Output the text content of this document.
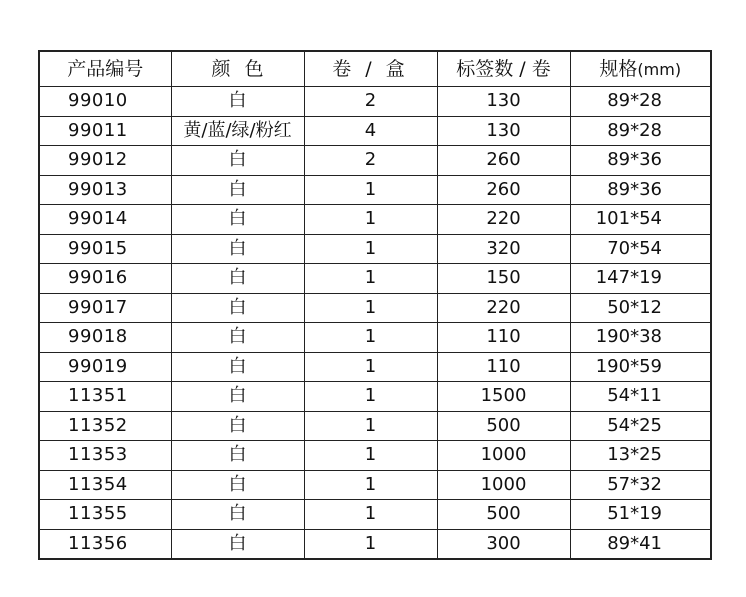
产品编号	颜色	卷 / 盒	标签数 / 卷	规格(mm)
99010	白	2	130	89*28
99011	黄/蓝/绿/粉红	4	130	89*28
99012	白	2	260	89*36
99013	白	1	260	89*36
99014	白	1	220	101*54
99015	白	1	320	70*54
99016	白	1	150	147*19
99017	白	1	220	50*12
99018	白	1	110	190*38
99019	白	1	110	190*59
11351	白	1	1500	54*11
11352	白	1	500	54*25
11353	白	1	1000	13*25
11354	白	1	1000	57*32
11355	白	1	500	51*19
11356	白	1	300	89*41
